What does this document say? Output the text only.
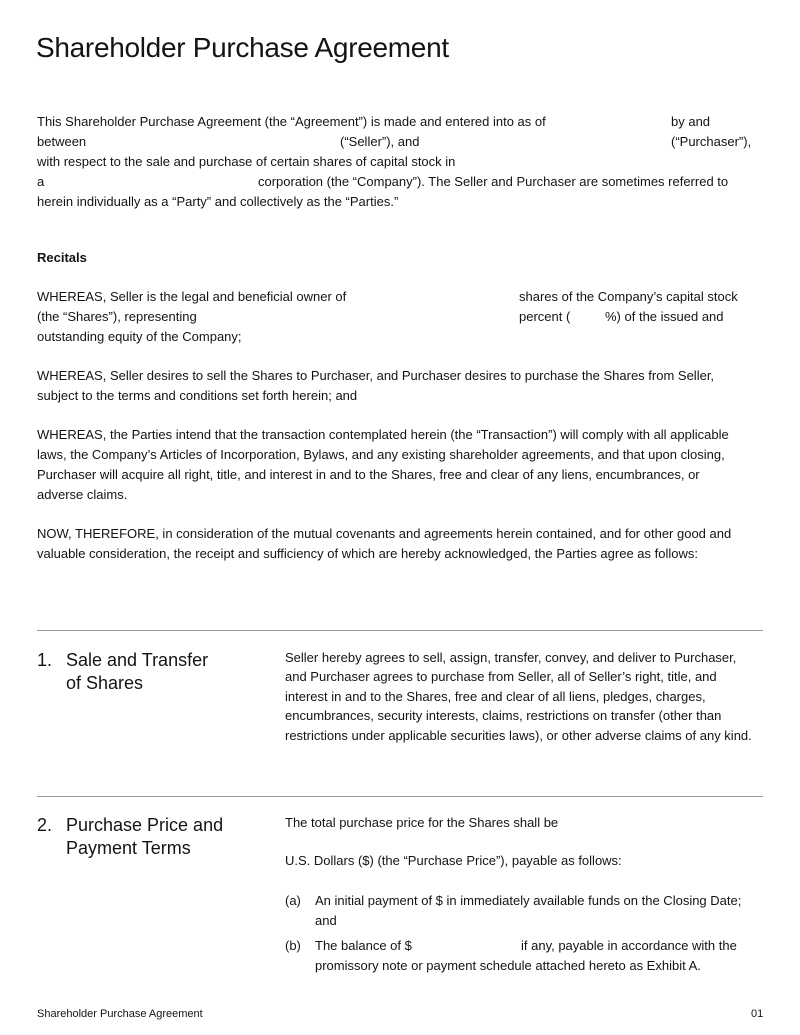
Shareholder Purchase Agreement
This Shareholder Purchase Agreement (the “Agreement”) is made and entered into as of	by and
between	(“Seller”), and	(“Purchaser”),
with respect to the sale and purchase of certain shares of capital stock in
a	corporation (the “Company”). The Seller and Purchaser are sometimes referred to
herein individually as a “Party” and collectively as the “Parties.”
Recitals
WHEREAS, Seller is the legal and beneficial owner of	shares of the Company’s capital stock
(the “Shares”), representing	percent (	%) of the issued and
outstanding equity of the Company;
WHEREAS, Seller desires to sell the Shares to Purchaser, and Purchaser desires to purchase the Shares from Seller,
subject to the terms and conditions set forth herein; and
WHEREAS, the Parties intend that the transaction contemplated herein (the “Transaction”) will comply with all applicable
laws, the Company’s Articles of Incorporation, Bylaws, and any existing shareholder agreements, and that upon closing,
Purchaser will acquire all right, title, and interest in and to the Shares, free and clear of any liens, encumbrances, or
adverse claims.
NOW, THEREFORE, in consideration of the mutual covenants and agreements herein contained, and for other good and
valuable consideration, the receipt and sufficiency of which are hereby acknowledged, the Parties agree as follows:
1. Sale and Transfer
of Shares
Seller hereby agrees to sell, assign, transfer, convey, and deliver to Purchaser,
and Purchaser agrees to purchase from Seller, all of Seller’s right, title, and
interest in and to the Shares, free and clear of all liens, pledges, charges,
encumbrances, security interests, claims, restrictions on transfer (other than
restrictions under applicable securities laws), or other adverse claims of any kind.
2. Purchase Price and
Payment Terms
The total purchase price for the Shares shall be
U.S. Dollars ($) (the “Purchase Price”), payable as follows:
(a) An initial payment of $ in immediately available funds on the Closing Date;
and
(b) The balance of $	if any, payable in accordance with the
promissory note or payment schedule attached hereto as Exhibit A.
Shareholder Purchase Agreement	01
